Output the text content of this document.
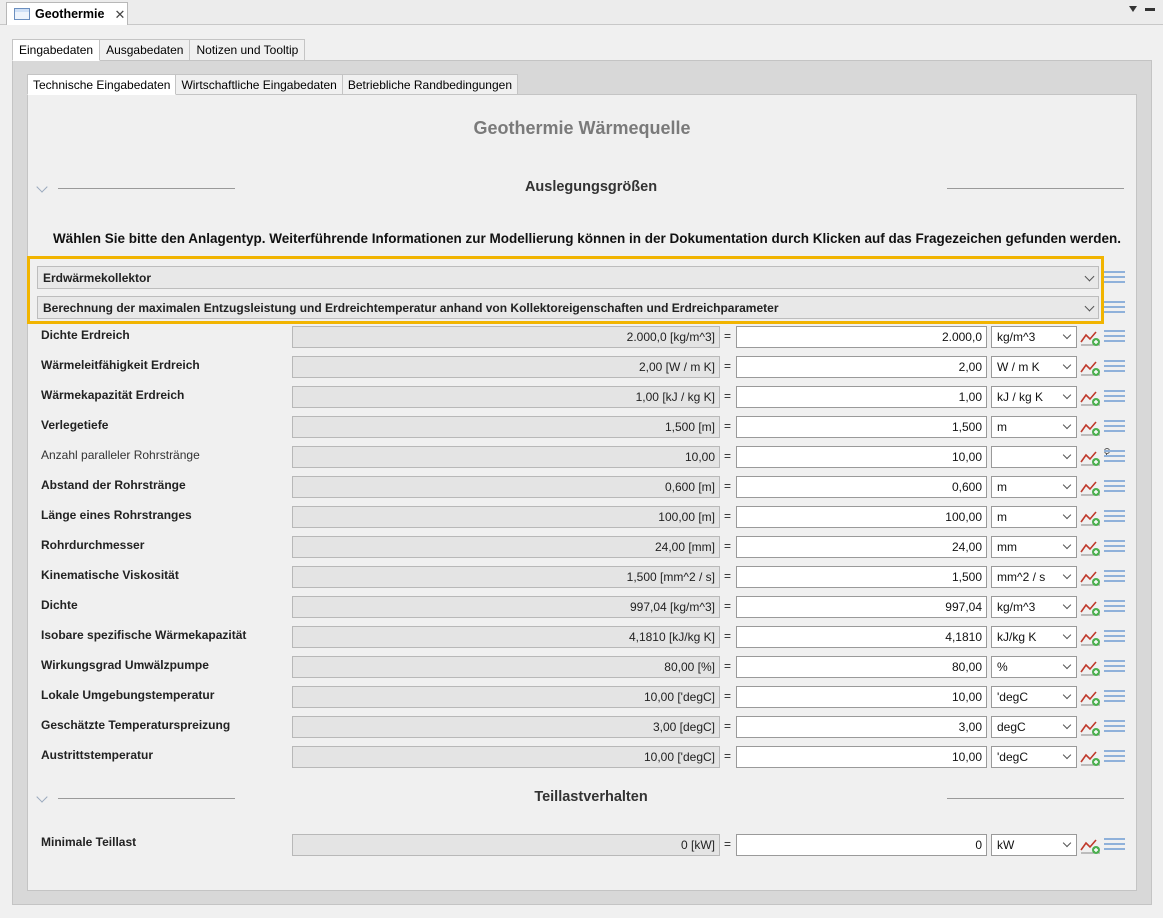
Geothermie ✕
Eingabedaten	Ausgabedaten	Notizen und Tooltip
Technische Eingabedaten Wirtschaftliche Eingabedaten Betriebliche Randbedingungen
Geothermie Wärmequelle
Auslegungsgrößen
Wählen Sie bitte den Anlagentyp. Weiterführende Informationen zur Modellierung können in der Dokumentation durch Klicken auf das Fragezeichen gefunden werden.
Erdwärmekollektor
Berechnung der maximalen Entzugsleistung und Erdreichtemperatur anhand von Kollektoreigenschaften und Erdreichparameter
Dichte Erdreich	2.000,0 [kg/m^3] =	2.000,0	kg/m^3
Wärmeleitfähigkeit Erdreich	2,00 [W / m K] =	2,00	W / m K
Wärmekapazität Erdreich	1,00 [kJ / kg K] =	1,00	kJ / kg K
Verlegetiefe	1,500 [m] =	1,500	m
Anzahl paralleler Rohrstränge	10,00 =	10,00
Abstand der Rohrstränge	0,600 [m] =	0,600	m
Länge eines Rohrstranges	100,00 [m] =	100,00	m
Rohrdurchmesser	24,00 [mm] =	24,00	mm
Kinematische Viskosität	1,500 [mm^2 / s] =	1,500	mm^2 / s
Dichte	997,04 [kg/m^3] =	997,04	kg/m^3
Isobare spezifische Wärmekapazität	4,1810 [kJ/kg K] =	4,1810	kJ/kg K
Wirkungsgrad Umwälzpumpe	80,00 [%] =	80,00	%
Lokale Umgebungstemperatur	10,00 ['degC] =	10,00	'degC
Geschätzte Temperaturspreizung	3,00 [degC] =	3,00	degC
Austrittstemperatur	10,00 ['degC] =	10,00	'degC
Teillastverhalten
Minimale Teillast	0 [kW] =	0	kW
